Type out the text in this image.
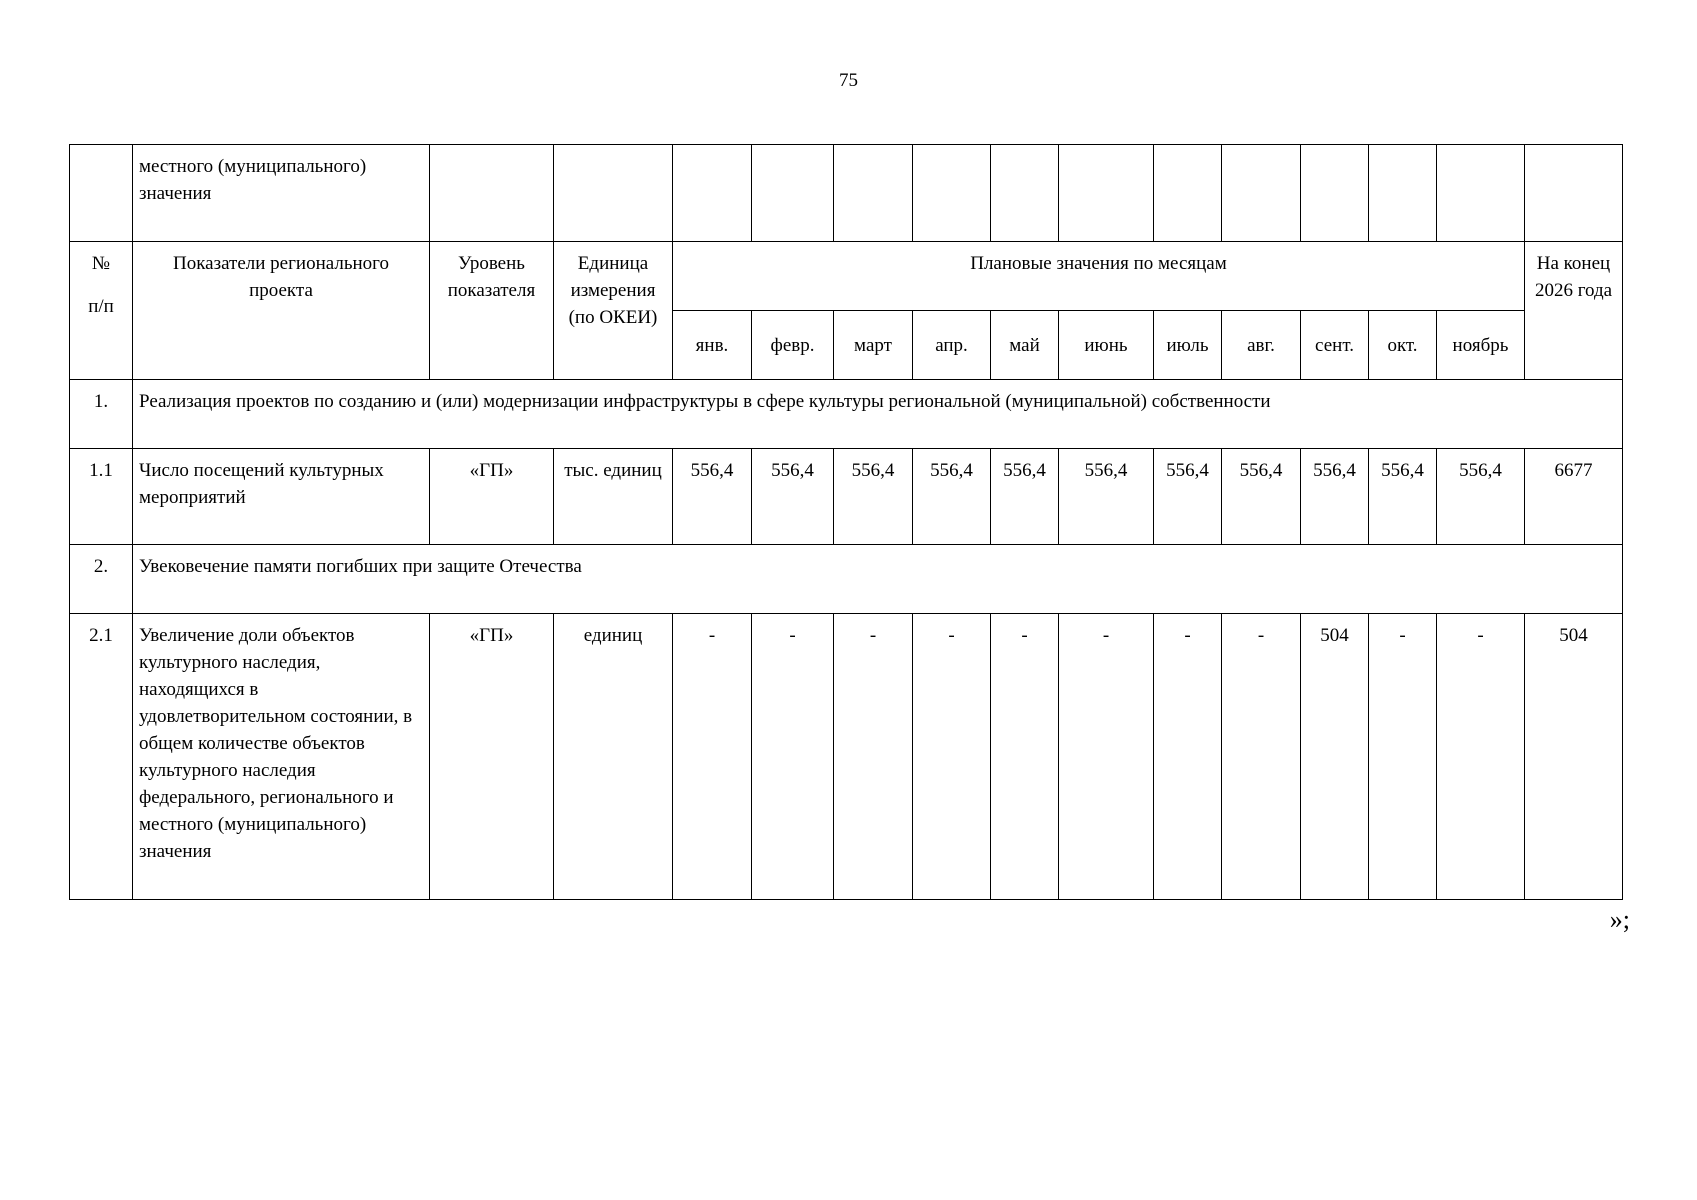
75
	местного (муниципального) значения														

№
п/п	Показатели регионального проекта	Уровень показателя	Единица измерения (по ОКЕИ)	Плановые значения по месяцам											На конец 2026 года
				янв.	февр.	март	апр.	май	июнь	июль	авг.	сент.	окт.	ноябрь	
1.	Реализация проектов по созданию и (или) модернизации инфраструктуры в сфере культуры региональной (муниципальной) собственности														
1.1	Число посещений культурных мероприятий	«ГП»	тыс. единиц	556,4	556,4	556,4	556,4	556,4	556,4	556,4	556,4	556,4	556,4	556,4	6677
2.	Увековечение памяти погибших при защите Отечества														
2.1	Увеличение доли объектов культурного наследия, находящихся в удовлетворительном состоянии, в общем количестве объектов культурного наследия федерального, регионального и местного (муниципального) значения	«ГП»	единиц	-	-	-	-	-	-	-	-	504	-	-	504
»;
